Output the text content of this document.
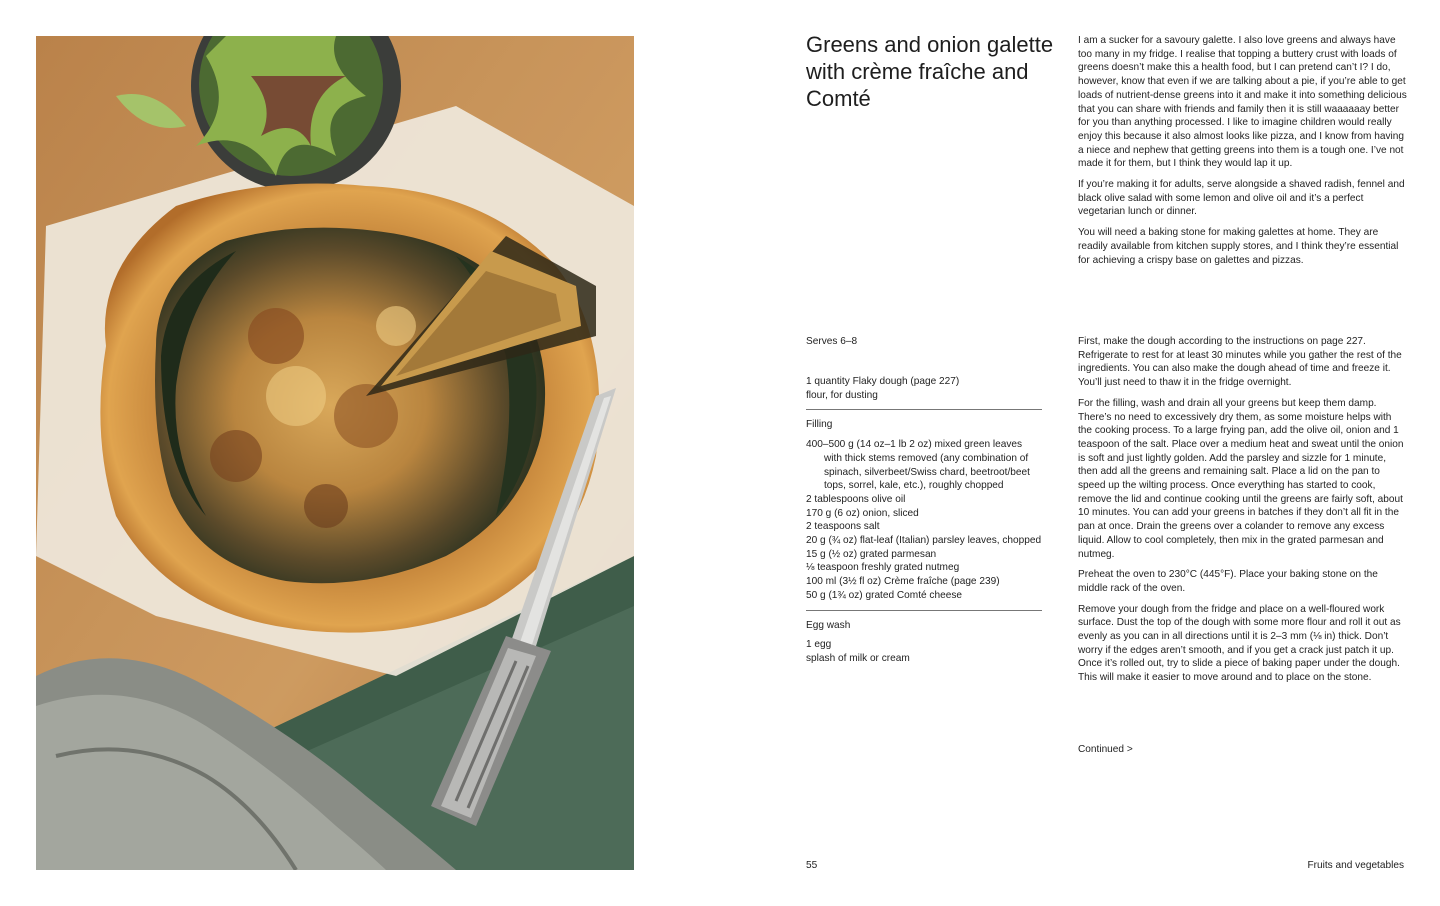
Greens and onion galette with crème fraîche and Comté

I am a sucker for a savoury galette. I also love greens and always have too many in my fridge. I realise that topping a buttery crust with loads of greens doesn’t make this a health food, but I can pretend can’t I? I do, however, know that even if we are talking about a pie, if you’re able to get loads of nutrient-dense greens into it and make it into something delicious that you can share with friends and family then it is still waaaaaay better for you than anything processed. I like to imagine children would really enjoy this because it also almost looks like pizza, and I know from having a niece and nephew that getting greens into them is a tough one. I’ve not made it for them, but I think they would lap it up.

If you’re making it for adults, serve alongside a shaved radish, fennel and black olive salad with some lemon and olive oil and it’s a perfect vegetarian lunch or dinner.

You will need a baking stone for making galettes at home. They are readily available from kitchen supply stores, and I think they’re essential for achieving a crispy base on galettes and pizzas.

Serves 6–8

1 quantity Flaky dough (page 227)
flour, for dusting

Filling

400–500 g (14 oz–1 lb 2 oz) mixed green leaves with thick stems removed (any combination of spinach, silverbeet/Swiss chard, beetroot/beet tops, sorrel, kale, etc.), roughly chopped
2 tablespoons olive oil
170 g (6 oz) onion, sliced
2 teaspoons salt
20 g (¾ oz) flat-leaf (Italian) parsley leaves, chopped
15 g (½ oz) grated parmesan
⅛ teaspoon freshly grated nutmeg
100 ml (3½ fl oz) Crème fraîche (page 239)
50 g (1¾ oz) grated Comté cheese

Egg wash

1 egg
splash of milk or cream

First, make the dough according to the instructions on page 227. Refrigerate to rest for at least 30 minutes while you gather the rest of the ingredients. You can also make the dough ahead of time and freeze it. You’ll just need to thaw it in the fridge overnight.

For the filling, wash and drain all your greens but keep them damp. There’s no need to excessively dry them, as some moisture helps with the cooking process. To a large frying pan, add the olive oil, onion and 1 teaspoon of the salt. Place over a medium heat and sweat until the onion is soft and just lightly golden. Add the parsley and sizzle for 1 minute, then add all the greens and remaining salt. Place a lid on the pan to speed up the wilting process. Once everything has started to cook, remove the lid and continue cooking until the greens are fairly soft, about 10 minutes. You can add your greens in batches if they don’t all fit in the pan at once. Drain the greens over a colander to remove any excess liquid. Allow to cool completely, then mix in the grated parmesan and nutmeg.

Preheat the oven to 230°C (445°F). Place your baking stone on the middle rack of the oven.

Remove your dough from the fridge and place on a well-floured work surface. Dust the top of the dough with some more flour and roll it out as evenly as you can in all directions until it is 2–3 mm (⅛ in) thick. Don’t worry if the edges aren’t smooth, and if you get a crack just patch it up. Once it’s rolled out, try to slide a piece of baking paper under the dough. This will make it easier to move around and to place on the stone.

Continued >
55	Fruits and vegetables
